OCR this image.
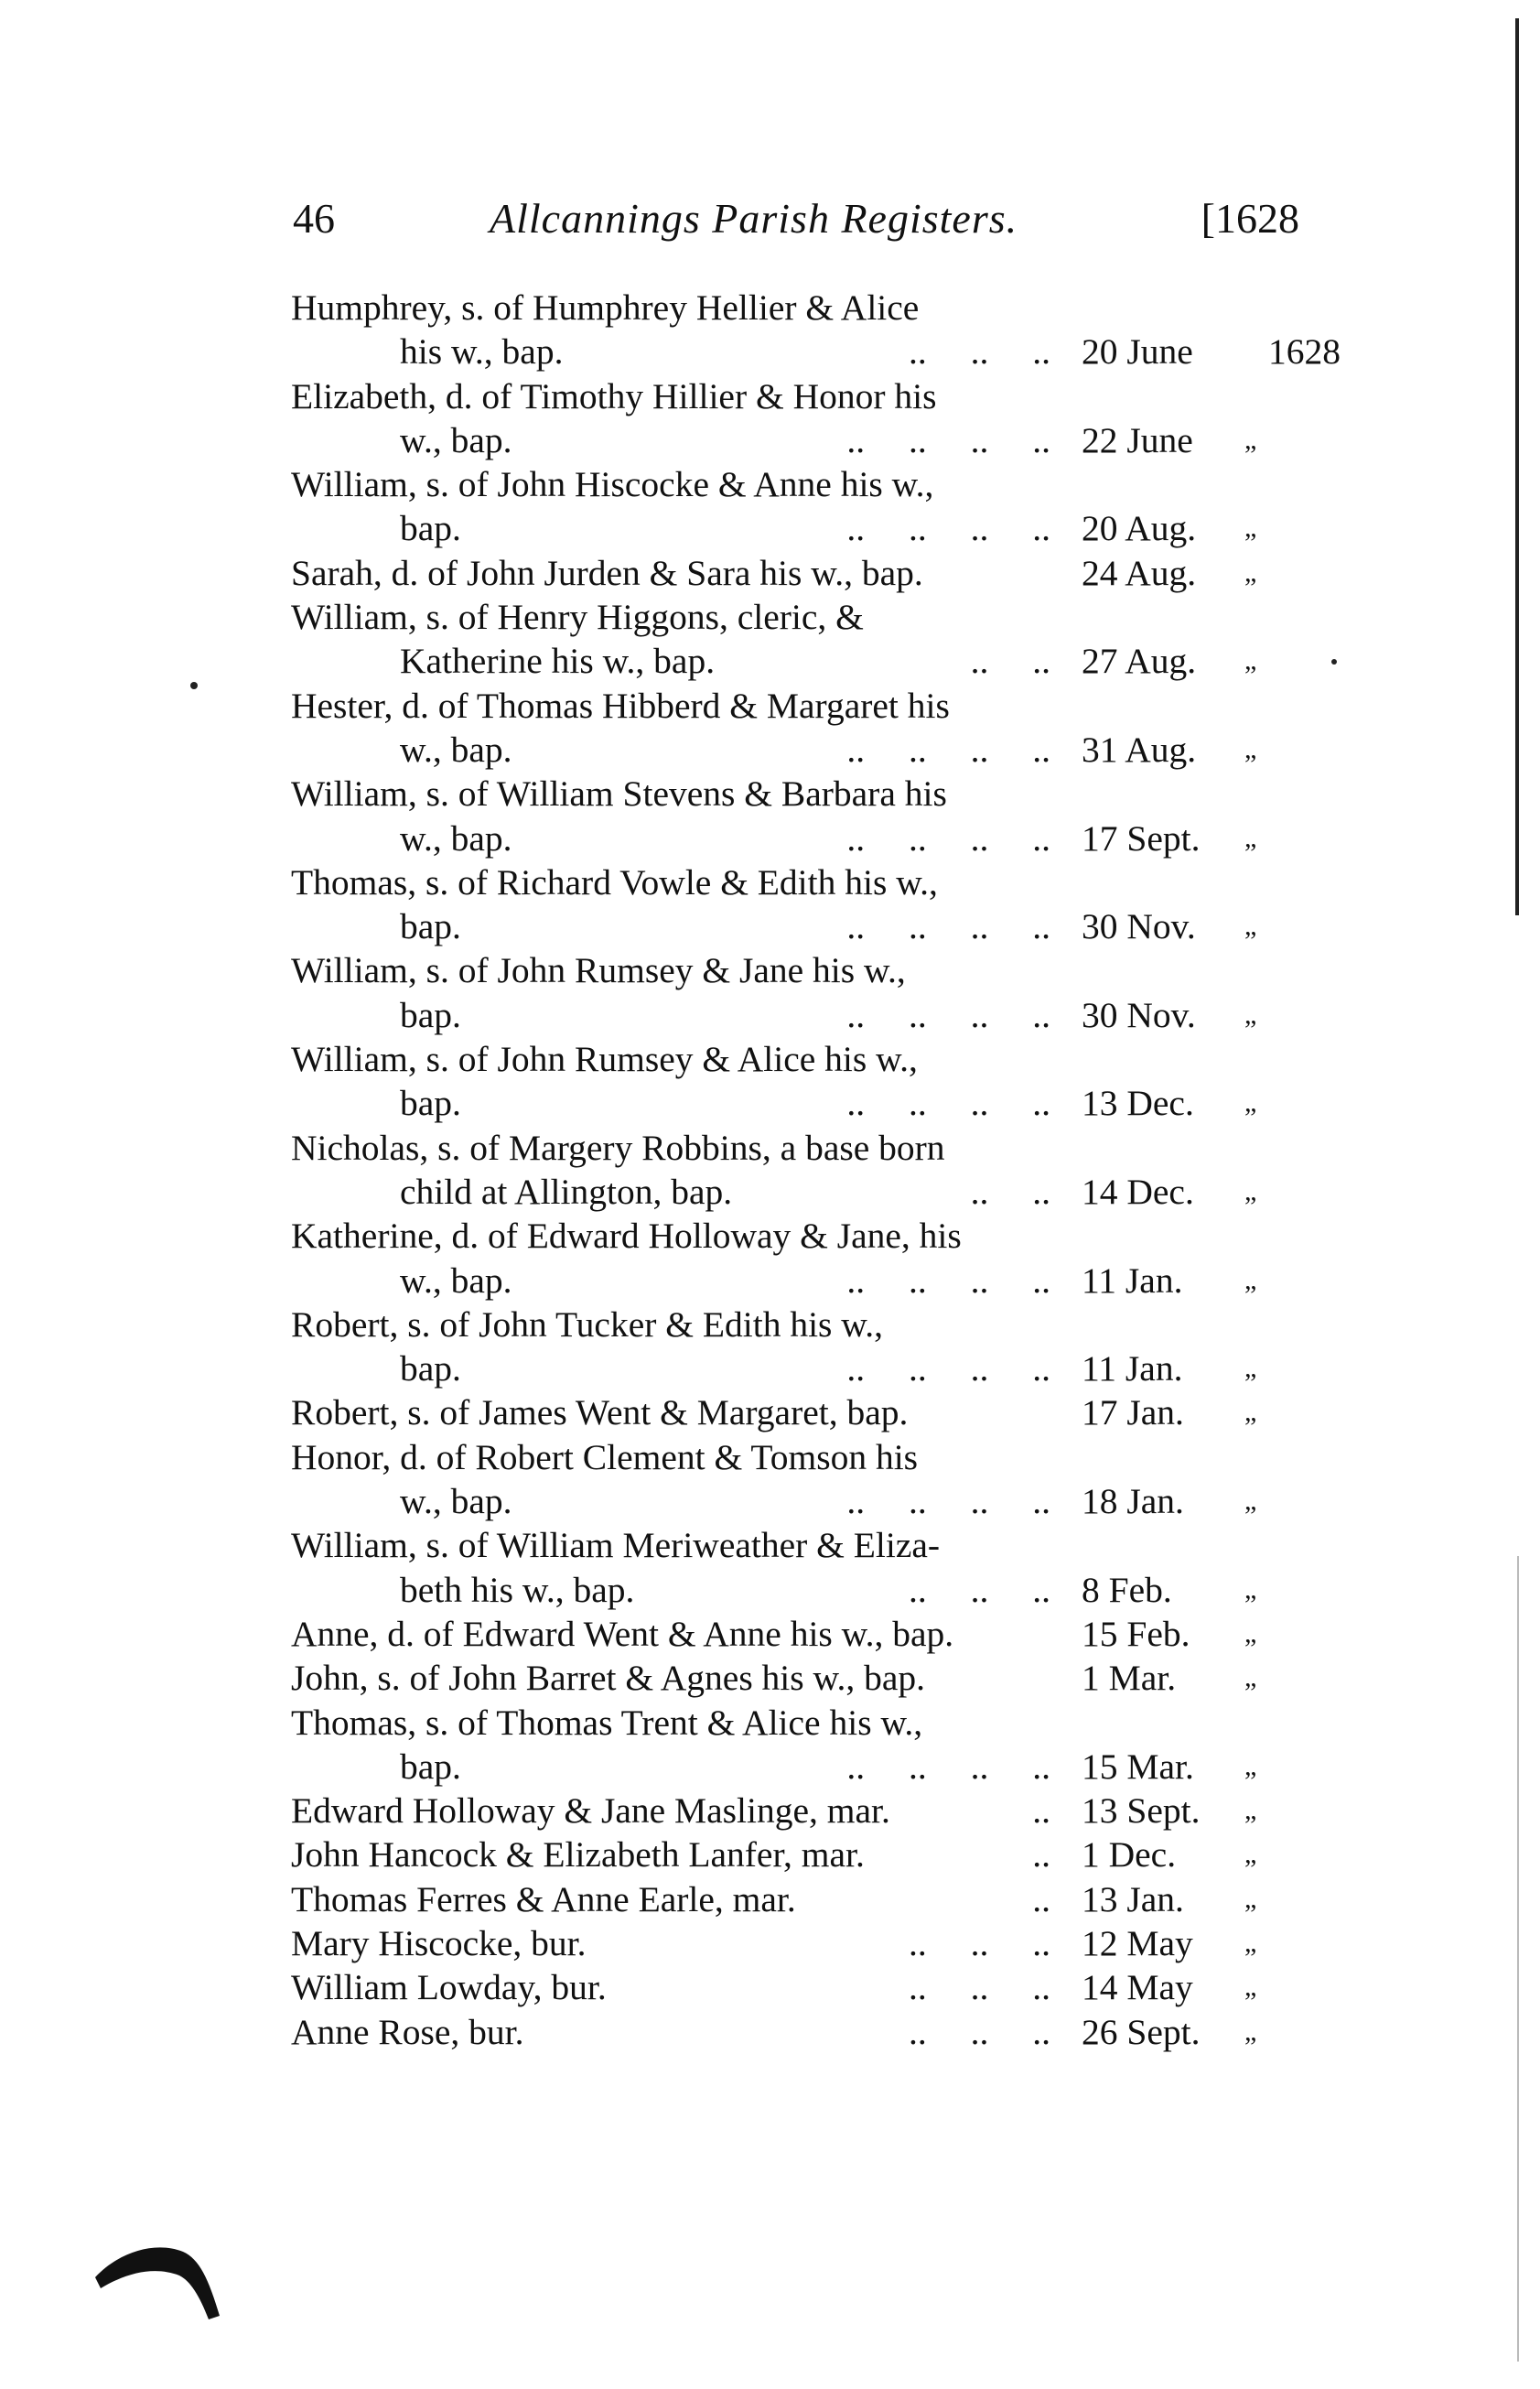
46	Allcannings Parish Registers.	[1628
Humphrey, s. of Humphrey Hellier & Alice
his w., bap.	.. .. .. 20 June 1628
Elizabeth, d. of Timothy Hillier & Honor his
w., bap.	.. .. .. .. 22 June „
William, s. of John Hiscocke & Anne his w.,
bap.	.. .. .. .. 20 Aug. „
Sarah, d. of John Jurden & Sara his w., bap.	24 Aug. „
William, s. of Henry Higgons, cleric, &
Katherine his w., bap.	.. .. 27 Aug. „
Hester, d. of Thomas Hibberd & Margaret his
w., bap.	.. .. .. .. 31 Aug. „
William, s. of William Stevens & Barbara his
w., bap.	.. .. .. .. 17 Sept. „
Thomas, s. of Richard Vowle & Edith his w.,
bap.	.. .. .. .. 30 Nov. „
William, s. of John Rumsey & Jane his w.,
bap.	.. .. .. .. 30 Nov. „
William, s. of John Rumsey & Alice his w.,
bap.	.. .. .. .. 13 Dec. „
Nicholas, s. of Margery Robbins, a base born
child at Allington, bap.	.. .. 14 Dec. „
Katherine, d. of Edward Holloway & Jane, his
w., bap.	.. .. .. .. 11 Jan. „
Robert, s. of John Tucker & Edith his w.,
bap.	.. .. .. .. 11 Jan. „
Robert, s. of James Went & Margaret, bap.	17 Jan. „
Honor, d. of Robert Clement & Tomson his
w., bap.	.. .. .. .. 18 Jan. „
William, s. of William Meriweather & Eliza-
beth his w., bap.	.. .. .. 8 Feb.	„
Anne, d. of Edward Went & Anne his w., bap.	15 Feb. „
John, s. of John Barret & Agnes his w., bap.	1 Mar. „
Thomas, s. of Thomas Trent & Alice his w.,
bap.	.. .. .. .. 15 Mar. „
Edward Holloway & Jane Maslinge, mar.	.. 13 Sept. „
John Hancock & Elizabeth Lanfer, mar.	.. 1 Dec. „
Thomas Ferres & Anne Earle, mar.	.. 13 Jan. „
Mary Hiscocke, bur.	.. .. .. 12 May „
William Lowday, bur.	.. .. .. 14 May „
Anne Rose, bur.	.. .. .. 26 Sept. „
